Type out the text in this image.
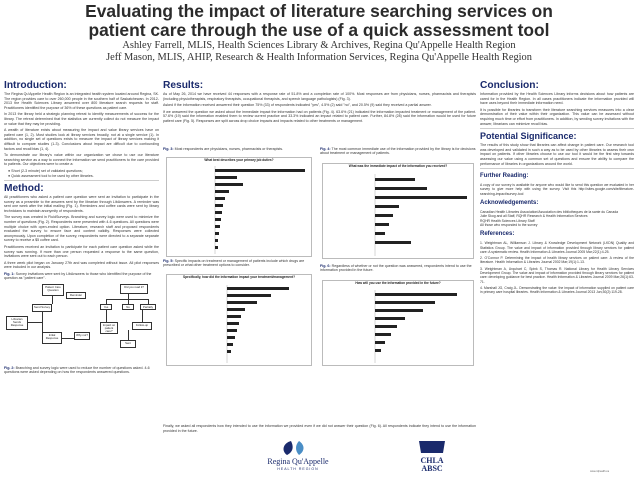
Evaluating the impact of literature searching services on
patient care through the use of a quick assessment tool
Ashley Farrell, MLIS, Health Sciences Library & Archives, Regina Qu'Appelle Health Region
Jeff Mason, MLIS, AHIP, Research & Health Information Services, Regina Qu'Appelle Health Region
Introduction:
The Regina Qu'Appelle Health Region is an integrated health system located around Regina, SK. The region provides care to over 260,000 people in the southern half of Saskatchewan. In 2012-2013 the Health Sciences Library answered over 800 literature search requests for staff. Practitioners identified the purpose of 36% of these questions as patient care.
In 2013 the library held a strategic planning retreat to identify measurements of success for the library. The retreat determined that the statistics we currently collect do not measure the impact or value that they may be providing.
A wealth of literature exists about measuring the impact and value library services have on patient care (1, 2). Most studies look at library services broadly, not at a single service (1). In addition, no single set of questions exists to measure the impact of library services making it difficult to compare studies (1-3). Conclusions about impact are difficult due to confounding factors and recall bias (1, 4).
To demonstrate our library's value within our organization we chose to use our literature searching service as a way to connect the information we send practitioners to the care provided to patients. Our objectives were to create a:
● Short (2-3 minute) set of validated questions;
● Quick assessment tool to be used by other libraries.
Method:
All practitioners who asked a patient care question were sent an invitation to participate in the survey as a preamble to the answers sent by the librarian through LibAnswers. A reminder was sent one week after the initial mailing (Fig. 1). Reminders and coffee cards were sent by library technicians to maintain anonymity of respondents.
The survey was created in FluidSurveys. Branching and survey logic were used to minimize the number of questions (Fig. 2). Respondents were presented with 4-6 questions. All questions were multiple choice with open-ended option. Literature, research staff and proposed respondents evaluated the survey to ensure face and content validity. Responses were collected anonymously. Upon completion of the survey, respondents were directed to a separate separate survey to receive a $5 coffee card.
Practitioners received an invitation to participate for each patient care question asked while the survey was running. If more than one person requested a response to the same question, invitations were sent out to each person.
A three week pilot began on January 27th and was completed without issue. All pilot responses were included in our analysis.
Fig. 1: Survey invitations were sent by LibAnswers to those who identified the purpose of the question as "patient care".
Librarian Sends Response
Send Survey
Patient Care Question
Reminder
Initial Response
Why not?
Did you read it?
Yes	No	Partially
Impact on patient care?
Follow-up
Sent
Fig. 2: Branching and survey logic were used to reduce the number of questions asked. 4-6 questions were asked depending on how the respondents answered questions.
Results:
As of May 26, 2014 we have received 44 responses with a response rate of 51.8% and a completion rate of 100%. Most responses are from physicians, nurses, pharmacists and therapists (including physiotherapists, respiratory therapists, occupational therapists, and speech language pathologists) (Fig. 3).
Asked if the information received answered their question 75% (33) of respondents indicated "yes", 4.5% (2) said "no", and 20.5% (9) said they received a partial answer.
If we answered the question we asked about the immediate impact the information had on patients (Fig. 4). 63.6% (21) indicated the information impacted treatment or management of the patient. 57.6% (19) said the information enabled them to review current practice and 33.3% indicated an impact related to patient care. Further, 84.8% (28) said the information would be used for future patient care (Fig. 5). Responses are split across drop choice impacts and impacts related to other treatments or management.
Fig. 3: Most respondents are physicians, nurses, pharmacists or therapists.
What best describes your primary job duties?
Fig. 4: The most common immediate use of the information provided by the library is for decisions about treatment or management of patients.
What was the immediate impact of the information you received?
Fig. 5: Specific impacts on treatment or management of patients include which drugs are prescribed or what other treatment options to consider.
Specifically, how did the information impact your treatment/management?
Fig. 6: Regardless of whether or not the question was answered, respondents intend to use the information provided in the future.
How will you use the information provided in the future?
Finally, we asked all respondents how they intended to use the information we provided even if we did not answer their question (Fig. 6). All respondents indicate they intend to use the information provided in the future.
Regina Qu'Appelle
HEALTH REGION
CHLA
ABSC
Conclusion:
Information provided by the Health Sciences Library informs decisions about how patients are cared for in the Health Region. In all cases practitioners indicate the information provided will have uses beyond their immediate information need.
It is possible for libraries to transform their literature searching services measures into a clear demonstration of their value within their organization. This value can be assessed without requiring much time or effort from practitioners. In addition, by sending survey invitations with the answer, librarians can minimize recall bias.
Potential Significance:
The results of this study show that libraries can affect change in patient care. Our research tool was developed and validated in such a way as to be used by other libraries to assess their own impact on patients. If other libraries choose to use our tool it would be the first step towards assessing our value using a common set of questions and ensure the ability to compare the performance of libraries in organizations around the world.
Further Reading:
A copy of our survey is available for anyone who would like to send this question we evaluated in her survey to give more help with using the survey. Visit this http://sites.google.com/site/literature-searching-impact/survey-tool
Acknowledgements:
Canadian Health Libraries Association/Association des bibliotheques de la sante du Canada
Julie Skog and all Staff, RQHR Research & Health Information Services
RQHR Health Sciences Library Staff
All those who responded to the survey
References:
1. Weightman AL, Williamson J. Library & Knowledge Development Network (LKDN) Quality and Statistics Group. The value and impact of information provided through library services for patient care: A systematic review. Health Information & Libraries Journal 2005 Mar;22(1):4-25.
2. O'Connor P. Determining the impact of health library services on patient care: A review of the literature. Health Information & Libraries Journal 2002 Mar;19(1):1-13.
3. Weightman A, Urquhart C, Spink S, Thomas R. National Library for Health Library Services Development Group. The value and impact of information provided through library services for patient care: developing guidance for best practice. Health Information & Libraries Journal 2009 Mar;26(1):63-71.
4. Marshall JG, Craig JL. Demonstrating the value: the impact of information supplied on patient care in primary care hospital libraries. Health Information & Libraries Journal 2013 Jun;30(2):119-28.
www.rqhealth.ca
